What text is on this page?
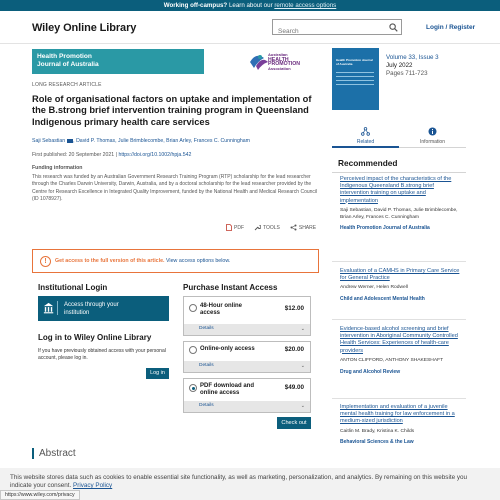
Working off-campus? Learn about our remote access options
Wiley Online Library
Search	Login / Register
Health Promotion
Journal of Australia
Australian
HEALTH
PROMOTION
Association
LONG RESEARCH ARTICLE
Role of organisational factors on uptake and implementation of the B.strong brief intervention training program in Queensland Indigenous primary health care services
Saji Sebastian , David P. Thomas, Julie Brimblecombe, Brian Arley, Frances C. Cunningham
First published: 20 September 2021 | https://doi.org/10.1002/hpja.542
Funding information

This research was funded by an Australian Government Research Training Program (RTP) scholarship for the lead researcher through the Charles Darwin University, Darwin, Australia, and by a doctoral scholarship for the lead researcher provided by the Centre for Research Excellence in Integrated Quality Improvement, funded by the National Health and Medical Research Council (ID 1078927).

PDF	TOOLS	SHARE
!	Get access to the full version of this article. View access options below.
Institutional Login
Access through your
institution
Log in to Wiley Online Library

If you have previously obtained access with your personal account, please log in.

Log in
Purchase Instant Access
48-Hour online
access
$12.00
Details	⌄
Online-only access	$20.00
Details	⌄
PDF download and
online access
$49.00
Details	⌄
Check out
Abstract
Health Promotion Journal of Australia
Volume 33, Issue 3
July 2022
Pages 711-723
Related	Information
Recommended
Perceived impact of the characteristics of the Indigenous Queensland B.strong brief intervention training on uptake and implementation
Saji Sebastian, David P. Thomas, Julie Brimblecombe, Brian Arley, Frances C. Cunningham
Health Promotion Journal of Australia
Evaluation of a CAMHS in Primary Care Service for General Practice
Andrew Werner, Helen Rodwell
Child and Adolescent Mental Health
Evidence-based alcohol screening and brief intervention in Aboriginal Community Controlled Health Services: Experiences of health-care providers
ANTON CLIFFORD, ANTHONY SHAKESHAFT
Drug and Alcohol Review
Implementation and evaluation of a juvenile mental health training for law enforcement in a medium-sized jurisdiction
Caitlin M. Brady, Kristina K. Childs
Behavioral Sciences & the Law

This website stores data such as cookies to enable essential site functionality, as well as marketing, personalization, and analytics. By remaining on this website you indicate your consent. Privacy Policy

https://www.wiley.com/privacy
